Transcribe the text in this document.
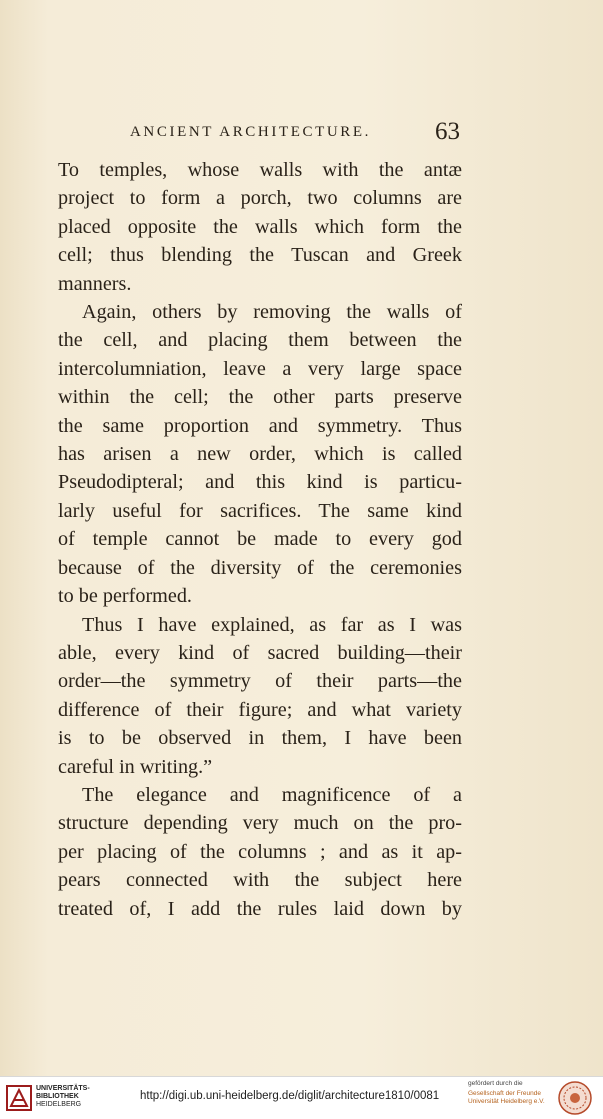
ANCIENT ARCHITECTURE.	63

To temples, whose walls with the antæ
project to form a porch, two columns are
placed opposite the walls which form the
cell; thus blending the Tuscan and Greek
manners.

Again, others by removing the walls of
the cell, and placing them between the
intercolumniation, leave a very large space
within the cell; the other parts preserve
the same proportion and symmetry. Thus
has arisen a new order, which is called
Pseudodipteral; and this kind is particu-
larly useful for sacrifices. The same kind
of temple cannot be made to every god
because of the diversity of the ceremonies
to be performed.

Thus I have explained, as far as I was
able, every kind of sacred building—their
order—the symmetry of their parts—the
difference of their figure; and what variety
is to be observed in them, I have been
careful in writing.”

The elegance and magnificence of a
structure depending very much on the pro-
per placing of the columns ; and as it ap-
pears connected with the subject here
treated of, I add the rules laid down by

UNIVERSITÄTS-
BIBLIOTHEK
HEIDELBERG
http://digi.ub.uni-heidelberg.de/diglit/architecture1810/0081
gefördert durch die
Gesellschaft der Freunde
Universität Heidelberg e.V.
